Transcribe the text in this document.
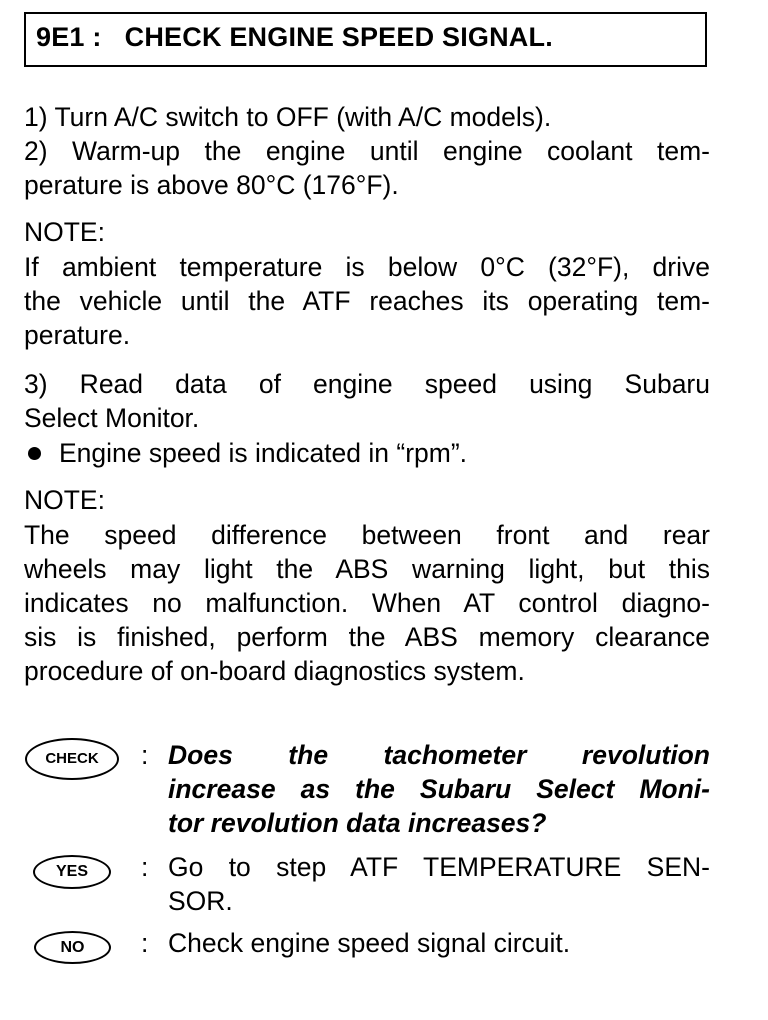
9E1 :   CHECK ENGINE SPEED SIGNAL.
1) Turn A/C switch to OFF (with A/C models).
2) Warm-up the engine until engine coolant tem-
perature is above 80°C (176°F).
NOTE:
If ambient temperature is below 0°C (32°F), drive
the vehicle until the ATF reaches its operating tem-
perature.
3) Read data of engine speed using Subaru
Select Monitor.
Engine speed is indicated in “rpm”.
NOTE:
The speed difference between front and rear
wheels may light the ABS warning light, but this
indicates no malfunction. When AT control diagno-
sis is finished, perform the ABS memory clearance
procedure of on-board diagnostics system.
CHECK	: Does the tachometer revolution
increase as the Subaru Select Moni-
tor revolution data increases?
YES	: Go to step ATF TEMPERATURE SEN-
SOR.
NO	: Check engine speed signal circuit.
